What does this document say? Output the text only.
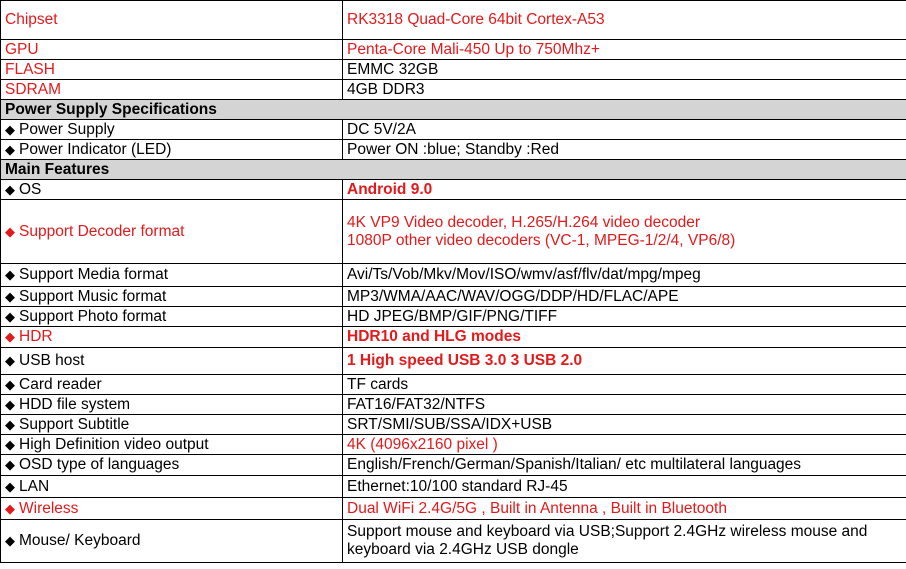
Chipset	RK3318 Quad-Core 64bit Cortex-A53
GPU	Penta-Core Mali-450 Up to 750Mhz+
FLASH	EMMC 32GB
SDRAM	4GB DDR3
Power Supply Specifications	
◆ Power Supply	DC 5V/2A
◆ Power Indicator (LED)	Power ON :blue; Standby :Red
Main Features	
◆ OS	Android 9.0
◆ Support Decoder format	4K VP9 Video decoder, H.265/H.264 video decoder
1080P other video decoders (VC-1, MPEG-1/2/4, VP6/8)

◆ Support Media format	Avi/Ts/Vob/Mkv/Mov/ISO/wmv/asf/flv/dat/mpg/mpeg
◆ Support Music format	MP3/WMA/AAC/WAV/OGG/DDP/HD/FLAC/APE
◆ Support Photo format	HD JPEG/BMP/GIF/PNG/TIFF
◆ HDR	HDR10 and HLG modes
◆ USB host	1 High speed USB 3.0 3 USB 2.0
◆ Card reader	TF cards
◆ HDD file system	FAT16/FAT32/NTFS
◆ Support Subtitle	SRT/SMI/SUB/SSA/IDX+USB
◆ High Definition video output	4K (4096x2160 pixel )
◆ OSD type of languages	English/French/German/Spanish/Italian/ etc multilateral languages
◆ LAN	Ethernet:10/100 standard RJ-45
◆ Wireless	Dual WiFi 2.4G/5G , Built in Antenna , Built in Bluetooth
◆ Mouse/ Keyboard	Support mouse and keyboard via USB;Support 2.4GHz wireless mouse and
keyboard via 2.4GHz USB dongle
